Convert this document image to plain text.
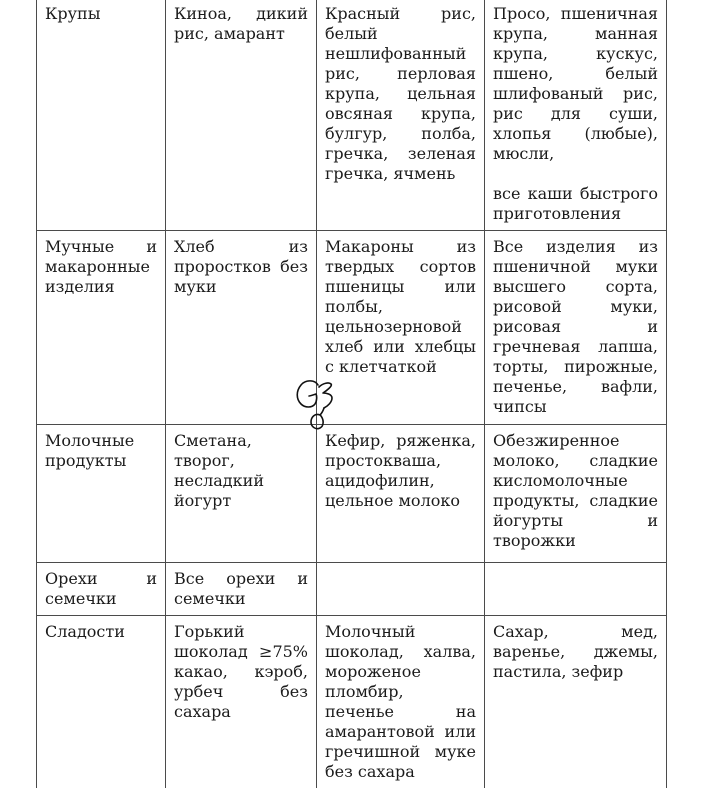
Крупы	Киноа, дикий рис, амарант	Красный рис, белый нешлифованный рис, перловая крупа, цельная овсяная крупа, булгур, полба, гречка, зеленая гречка, ячмень	Просо, пшеничная крупа, манная крупа, кускус, пшено, белый шлифованый рис, рис для суши, хлопья (любые), мюсли,

все каши быстрого приготовления

Мучные и макаронные изделия	Хлеб из проростков без муки	Макароны из твердых сортов пшеницы или полбы, цельнозерновой хлеб или хлебцы с клетчаткой	Все изделия из пшеничной муки высшего сорта, рисовой муки, рисовая и гречневая лапша, торты, пирожные, печенье, вафли, чипсы

Молочные продукты	Сметана, творог, несладкий йогурт	Кефир, ряженка, простокваша, ацидофилин, цельное молоко	Обезжиренное молоко, сладкие кисломолочные продукты, сладкие йогурты и творожки

Орехи и семечки	Все орехи и семечки		

Сладости	Горький шоколад ≥75% какао, кэроб, урбеч без сахара	Молочный шоколад, халва, мороженое пломбир, печенье на амарантовой или гречишной муке без сахара	Сахар, мед, варенье, джемы, пастила, зефир
